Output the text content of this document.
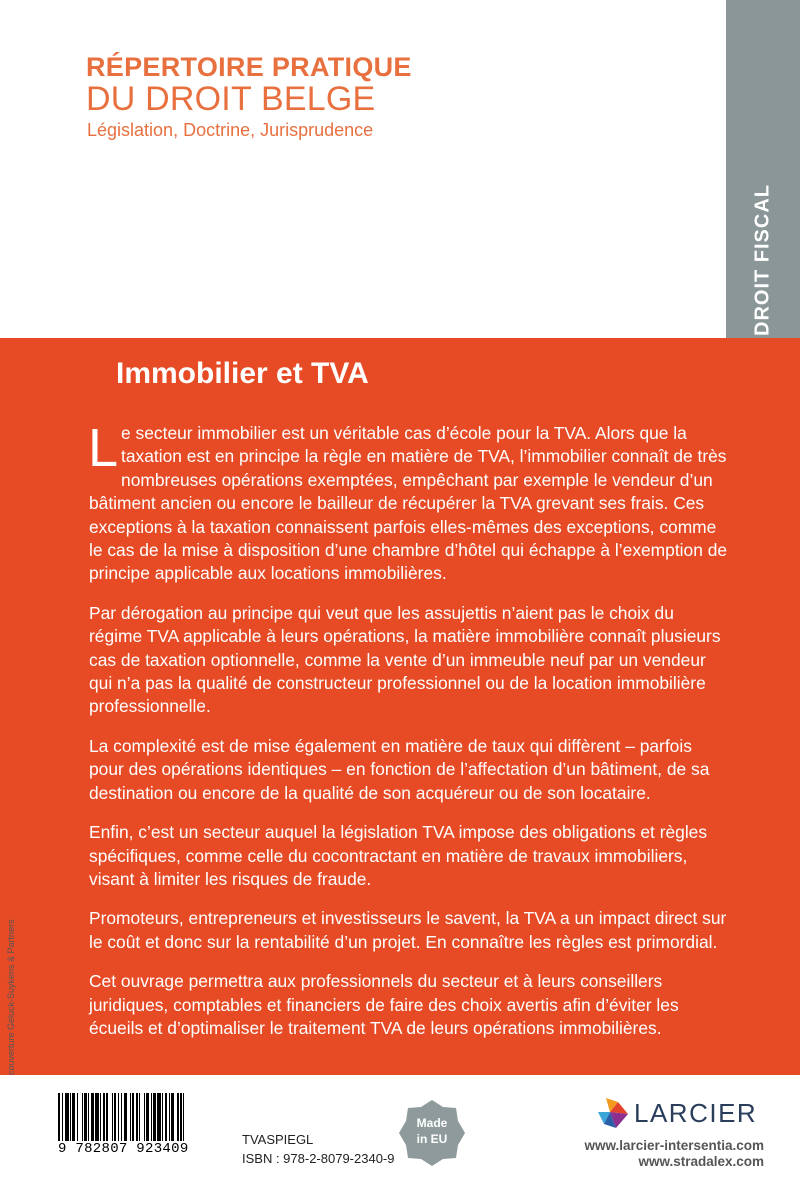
RÉPERTOIRE PRATIQUE
DU DROIT BELGE
Législation, Doctrine, Jurisprudence
DROIT FISCAL
Immobilier et TVA

Le secteur immobilier est un véritable cas d’école pour la TVA. Alors que la taxation est en principe la règle en matière de TVA, l’immobilier connaît de très nombreuses opérations exemptées, empêchant par exemple le vendeur d’un bâtiment ancien ou encore le bailleur de récupérer la TVA grevant ses frais. Ces exceptions à la taxation connaissent parfois elles-mêmes des exceptions, comme le cas de la mise à disposition d’une chambre d’hôtel qui échappe à l’exemption de principe applicable aux locations immobilières.

Par dérogation au principe qui veut que les assujettis n’aient pas le choix du régime TVA applicable à leurs opérations, la matière immobilière connaît plusieurs cas de taxation optionnelle, comme la vente d’un immeuble neuf par un vendeur qui n’a pas la qualité de constructeur professionnel ou de la location immobilière professionnelle.

La complexité est de mise également en matière de taux qui diffèrent – parfois pour des opérations identiques – en fonction de l’affectation d’un bâtiment, de sa destination ou encore de la qualité de son acquéreur ou de son locataire.

Enfin, c’est un secteur auquel la législation TVA impose des obligations et règles spécifiques, comme celle du cocontractant en matière de travaux immobiliers, visant à limiter les risques de fraude.

Promoteurs, entrepreneurs et investisseurs le savent, la TVA a un impact direct sur le coût et donc sur la rentabilité d’un projet. En connaître les règles est primordial.

Cet ouvrage permettra aux professionnels du secteur et à leurs conseillers juridiques, comptables et financiers de faire des choix avertis afin d’éviter les écueils et d’optimaliser le traitement TVA de leurs opérations immobilières.

couverture Geluck-Suykens & Partners
9 782807 923409
TVASPIEGL
ISBN : 978-2-8079-2340-9
Made
in EU
LARCIER
www.larcier-intersentia.com
www.stradalex.com
